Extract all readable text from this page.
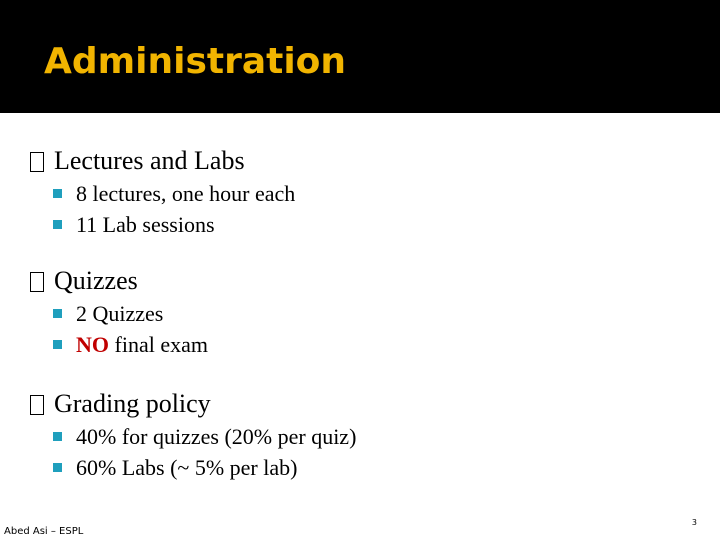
Administration
Lectures and Labs
8 lectures, one hour each
11 Lab sessions
Quizzes
2 Quizzes
NO final exam
Grading policy
40% for quizzes (20% per quiz)
60% Labs (~ 5% per lab)
Abed Asi – ESPL
3
